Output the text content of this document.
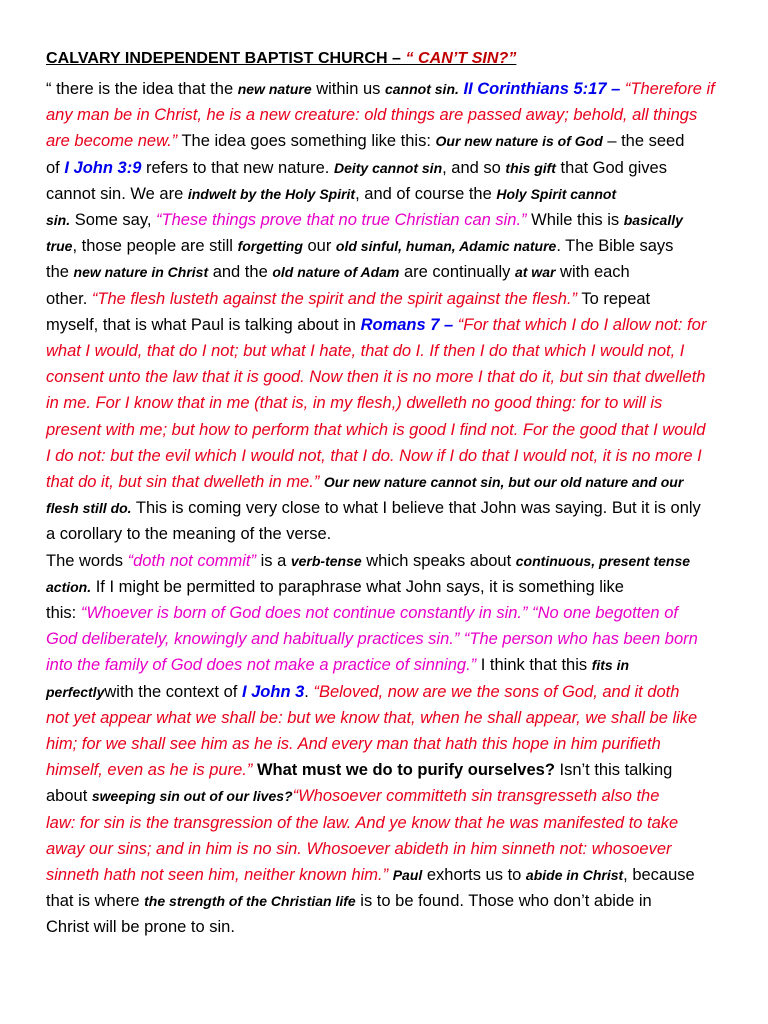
CALVARY INDEPENDENT BAPTIST CHURCH – “ CAN’T SIN?”
“ there is the idea that the new nature within us cannot sin. II Corinthians 5:17 – “Therefore if
any man be in Christ, he is a new creature: old things are passed away; behold, all things
are become new.” The idea goes something like this: Our new nature is of God – the seed
of I John 3:9 refers to that new nature. Deity cannot sin, and so this gift that God gives
cannot sin. We are indwelt by the Holy Spirit, and of course the Holy Spirit cannot
sin. Some say, “These things prove that no true Christian can sin.” While this is basically
true, those people are still forgetting our old sinful, human, Adamic nature. The Bible says
the new nature in Christ and the old nature of Adam are continually at war with each
other. “The flesh lusteth against the spirit and the spirit against the flesh.” To repeat
myself, that is what Paul is talking about in Romans 7 – “For that which I do I allow not: for
what I would, that do I not; but what I hate, that do I. If then I do that which I would not, I
consent unto the law that it is good. Now then it is no more I that do it, but sin that dwelleth
in me. For I know that in me (that is, in my flesh,) dwelleth no good thing: for to will is
present with me; but how to perform that which is good I find not. For the good that I would
I do not: but the evil which I would not, that I do. Now if I do that I would not, it is no more I
that do it, but sin that dwelleth in me.” Our new nature cannot sin, but our old nature and our
flesh still do. This is coming very close to what I believe that John was saying. But it is only
a corollary to the meaning of the verse.
The words “doth not commit” is a verb-tense which speaks about continuous, present tense
action. If I might be permitted to paraphrase what John says, it is something like
this: “Whoever is born of God does not continue constantly in sin.” “No one begotten of
God deliberately, knowingly and habitually practices sin.” “The person who has been born
into the family of God does not make a practice of sinning.” I think that this fits in
perfectlywith the context of I John 3. “Beloved, now are we the sons of God, and it doth
not yet appear what we shall be: but we know that, when he shall appear, we shall be like
him; for we shall see him as he is. And every man that hath this hope in him purifieth
himself, even as he is pure.” What must we do to purify ourselves? Isn’t this talking
about sweeping sin out of our lives?“Whosoever committeth sin transgresseth also the
law: for sin is the transgression of the law. And ye know that he was manifested to take
away our sins; and in him is no sin. Whosoever abideth in him sinneth not: whosoever
sinneth hath not seen him, neither known him.” Paul exhorts us to abide in Christ, because
that is where the strength of the Christian life is to be found. Those who don’t abide in
Christ will be prone to sin.
